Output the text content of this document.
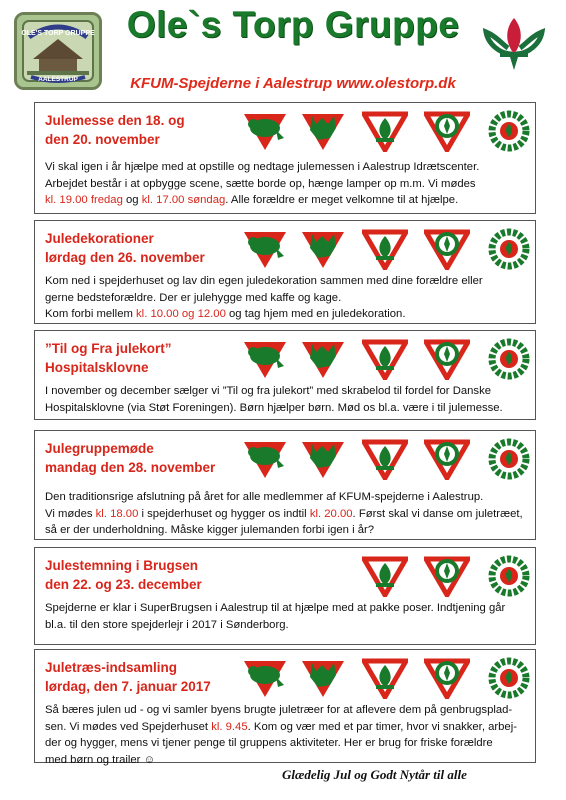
OLE'S TORP GRUPPE
AALESTRUP
Ole`s Torp Gruppe
KFUM-Spejderne i Aalestrup www.olestorp.dk
Julemesse den 18. og
den 20. november
Vi skal igen i år hjælpe med at opstille og nedtage julemessen i Aalestrup Idrætscenter.
Arbejdet består i at opbygge scene, sætte borde op, hænge lamper op m.m. Vi mødes
kl. 19.00 fredag og kl. 17.00 søndag. Alle forældre er meget velkomne til at hjælpe.
Juledekorationer
lørdag den 26. november
Kom ned i spejderhuset og lav din egen juledekoration sammen med dine forældre eller
gerne bedsteforældre. Der er julehygge med kaffe og kage.
Kom forbi mellem kl. 10.00 og 12.00 og tag hjem med en juledekoration.
”Til og Fra julekort”
Hospitalsklovne
I november og december sælger vi ”Til og fra julekort” med skrabelod til fordel for Danske
Hospitalsklovne (via Støt Foreningen). Børn hjælper børn. Mød os bl.a. være i til julemesse.
Julegruppemøde
mandag den 28. november
Den traditionsrige afslutning på året for alle medlemmer af KFUM-spejderne i Aalestrup.
Vi mødes kl. 18.00 i spejderhuset og hygger os indtil kl. 20.00. Først skal vi danse om juletræet,
så er der underholdning. Måske kigger julemanden forbi igen i år?
Julestemning i Brugsen
den 22. og 23. december
Spejderne er klar i SuperBrugsen i Aalestrup til at hjælpe med at pakke poser. Indtjening går
bl.a. til den store spejderlejr i 2017 i Sønderborg.
Juletræs-indsamling
lørdag, den 7. januar 2017
Så bæres julen ud - og vi samler byens brugte juletræer for at aflevere dem på genbrugsplad-
sen. Vi mødes ved Spejderhuset kl. 9.45. Kom og vær med et par timer, hvor vi snakker, arbej-
der og hygger, mens vi tjener penge til gruppens aktiviteter. Her er brug for friske forældre
med børn og trailer ☺
Glædelig Jul og Godt Nytår til alle
